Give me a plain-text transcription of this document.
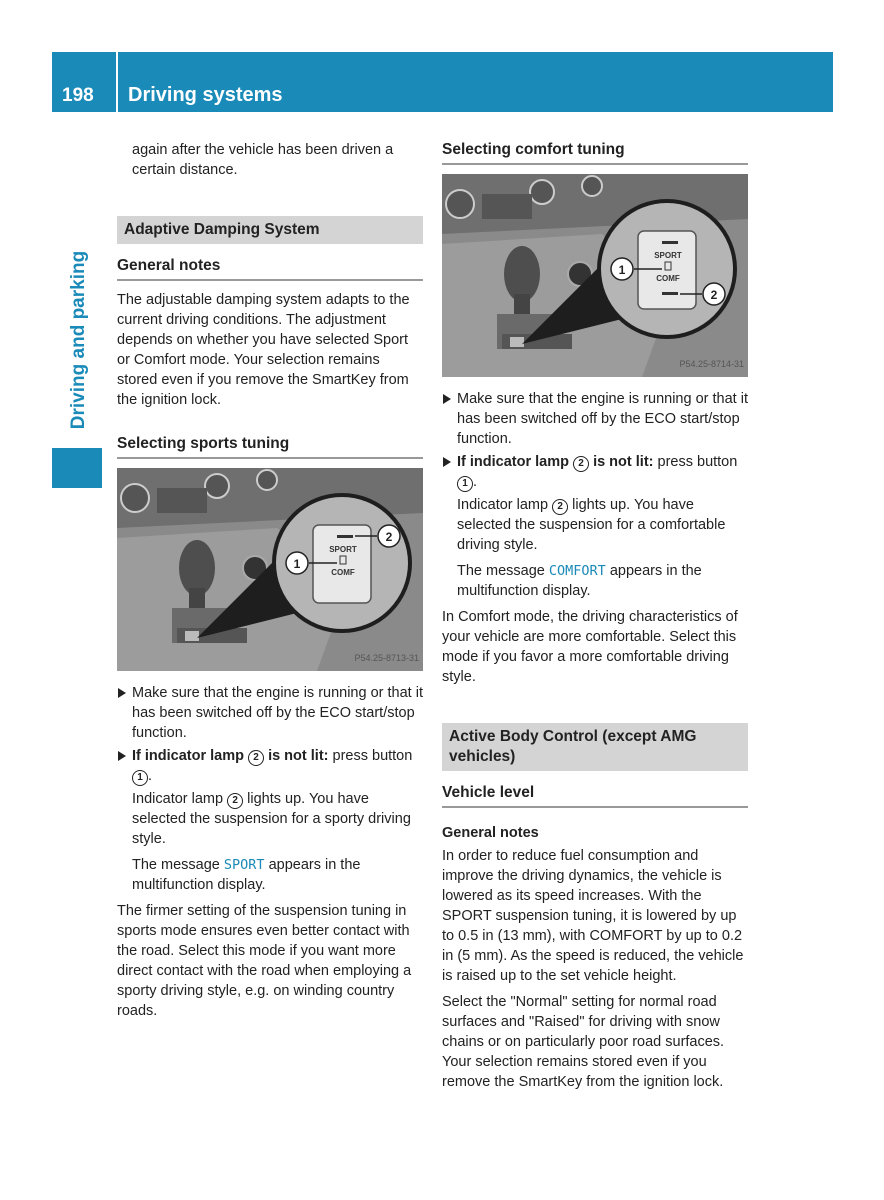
198 Driving systems
Driving and parking

again after the vehicle has been driven a certain distance.

Adaptive Damping System
General notes

The adjustable damping system adapts to the current driving conditions. The adjustment depends on whether you have selected Sport or Comfort mode. Your selection remains stored even if you remove the SmartKey from the ignition lock.

Selecting sports tuning
SPORT
COMF
1
2
P54.25-8713-31
Make sure that the engine is running or that it has been switched off by the ECO start/stop function.
If indicator lamp 2 is not lit: press button 1 .

Indicator lamp 2 lights up. You have selected the suspension for a sporty driving style.

The message SPORT appears in the multifunction display.

The firmer setting of the suspension tuning in sports mode ensures even better contact with the road. Select this mode if you want more direct contact with the road when employing a sporty driving style, e.g. on winding country roads.

Selecting comfort tuning
SPORT
COMF
1
2
P54.25-8714-31
Make sure that the engine is running or that it has been switched off by the ECO start/stop function.
If indicator lamp 2 is not lit: press button 1 .

Indicator lamp 2 lights up. You have selected the suspension for a comfortable driving style.

The message COMFORT appears in the multifunction display.

In Comfort mode, the driving characteristics of your vehicle are more comfortable. Select this mode if you favor a more comfortable driving style.

Active Body Control (except AMG vehicles)
Vehicle level
General notes

In order to reduce fuel consumption and improve the driving dynamics, the vehicle is lowered as its speed increases. With the SPORT suspension tuning, it is lowered by up to 0.5 in (13 mm), with COMFORT by up to 0.2 in (5 mm). As the speed is reduced, the vehicle is raised up to the set vehicle height.

Select the "Normal" setting for normal road surfaces and "Raised" for driving with snow chains or on particularly poor road surfaces. Your selection remains stored even if you remove the SmartKey from the ignition lock.
